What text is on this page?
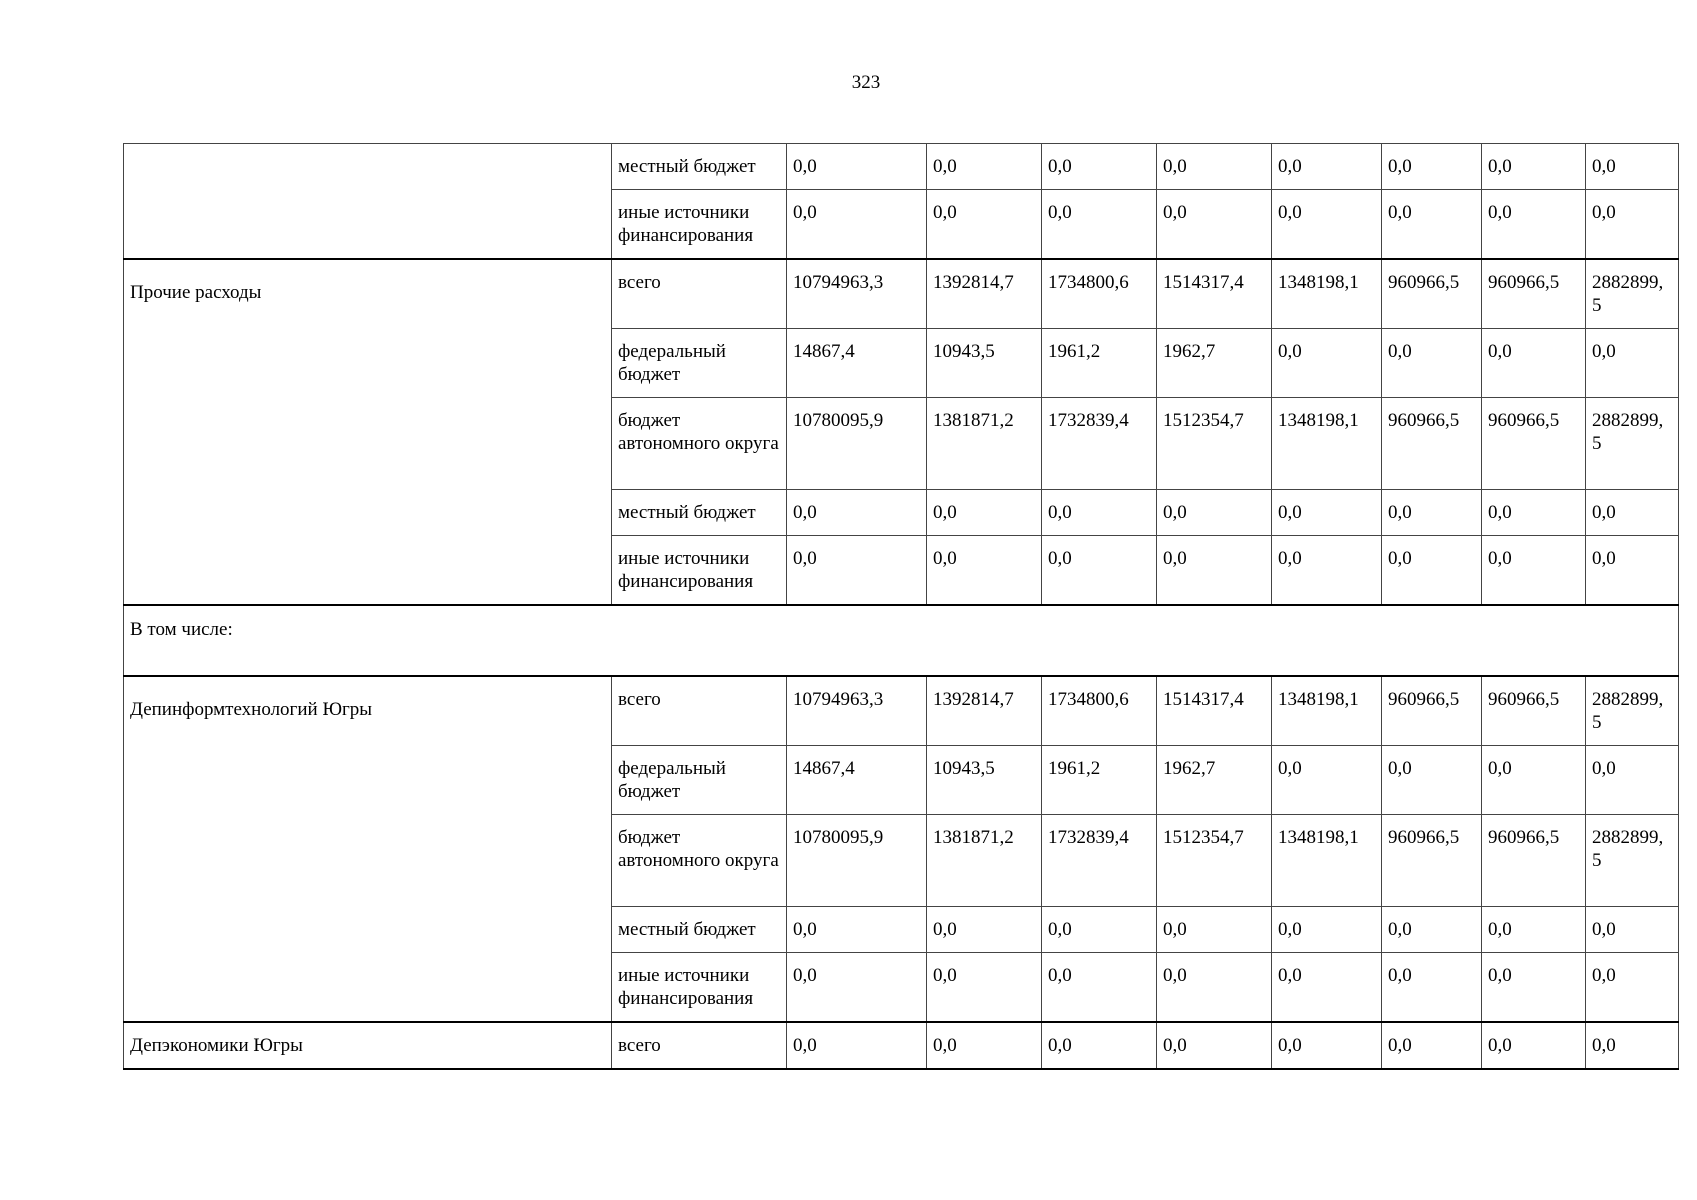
323
	местный бюджет	0,0	0,0	0,0	0,0	0,0	0,0	0,0	0,0
	иные источники финансирования	0,0	0,0	0,0	0,0	0,0	0,0	0,0	0,0
Прочие расходы	всего	10794963,3	1392814,7	1734800,6	1514317,4	1348198,1	960966,5	960966,5	2882899,5
	федеральный бюджет	14867,4	10943,5	1961,2	1962,7	0,0	0,0	0,0	0,0
	бюджет автономного округа	10780095,9	1381871,2	1732839,4	1512354,7	1348198,1	960966,5	960966,5	2882899,5
	местный бюджет	0,0	0,0	0,0	0,0	0,0	0,0	0,0	0,0
	иные источники финансирования	0,0	0,0	0,0	0,0	0,0	0,0	0,0	0,0
В том числе:									
Депинформтехнологий Югры	всего	10794963,3	1392814,7	1734800,6	1514317,4	1348198,1	960966,5	960966,5	2882899,5
	федеральный бюджет	14867,4	10943,5	1961,2	1962,7	0,0	0,0	0,0	0,0
	бюджет автономного округа	10780095,9	1381871,2	1732839,4	1512354,7	1348198,1	960966,5	960966,5	2882899,5
	местный бюджет	0,0	0,0	0,0	0,0	0,0	0,0	0,0	0,0
	иные источники финансирования	0,0	0,0	0,0	0,0	0,0	0,0	0,0	0,0
Депэкономики Югры	всего	0,0	0,0	0,0	0,0	0,0	0,0	0,0	0,0
